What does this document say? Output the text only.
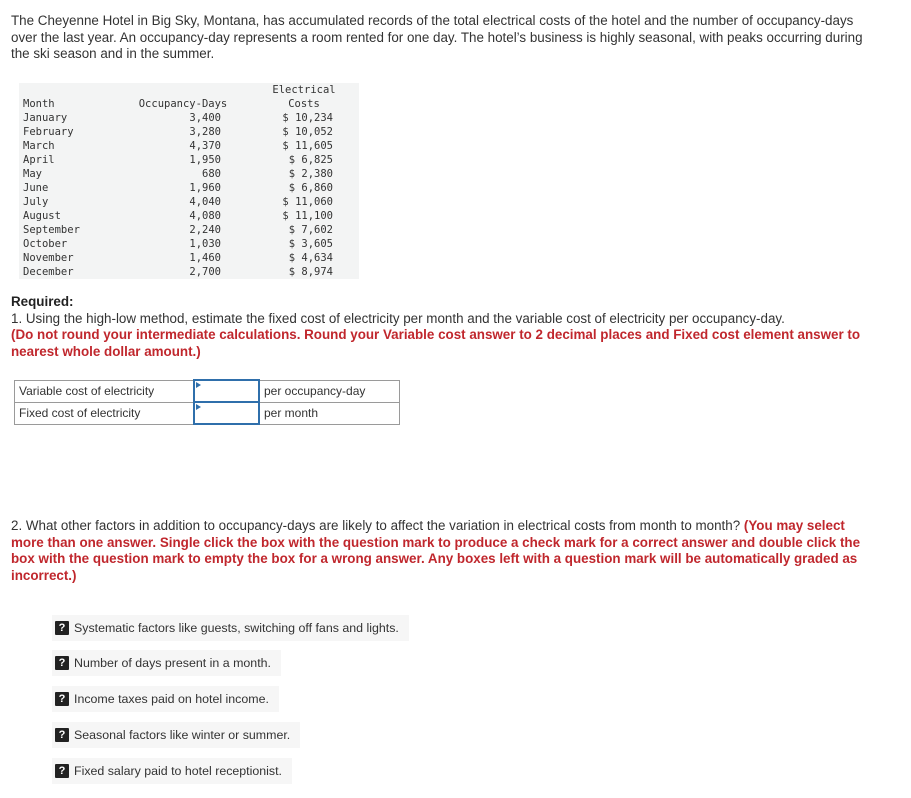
The Cheyenne Hotel in Big Sky, Montana, has accumulated records of the total electrical costs of the hotel and the number of occupancy-days over the last year. An occupancy-day represents a room rented for one day. The hotel’s business is highly seasonal, with peaks occurring during the ski season and in the summer.
		Electrical
Month	Occupancy-Days	Costs
January	3,400	$ 10,234
February	3,280	$ 10,052
March	4,370	$ 11,605
April	1,950	$ 6,825
May	680	$ 2,380
June	1,960	$ 6,860
July	4,040	$ 11,060
August	4,080	$ 11,100
September	2,240	$ 7,602
October	1,030	$ 3,605
November	1,460	$ 4,634
December	2,700	$ 8,974
Required:
1. Using the high-low method, estimate the fixed cost of electricity per month and the variable cost of electricity per occupancy-day.
(Do not round your intermediate calculations. Round your Variable cost answer to 2 decimal places and Fixed cost element answer to nearest whole dollar amount.)
Variable cost of electricity		per occupancy-day
Fixed cost of electricity		per month
2. What other factors in addition to occupancy-days are likely to affect the variation in electrical costs from month to month? (You may select more than one answer. Single click the box with the question mark to produce a check mark for a correct answer and double click the box with the question mark to empty the box for a wrong answer. Any boxes left with a question mark will be automatically graded as incorrect.)
? Systematic factors like guests, switching off fans and lights.
? Number of days present in a month.
? Income taxes paid on hotel income.
? Seasonal factors like winter or summer.
? Fixed salary paid to hotel receptionist.
